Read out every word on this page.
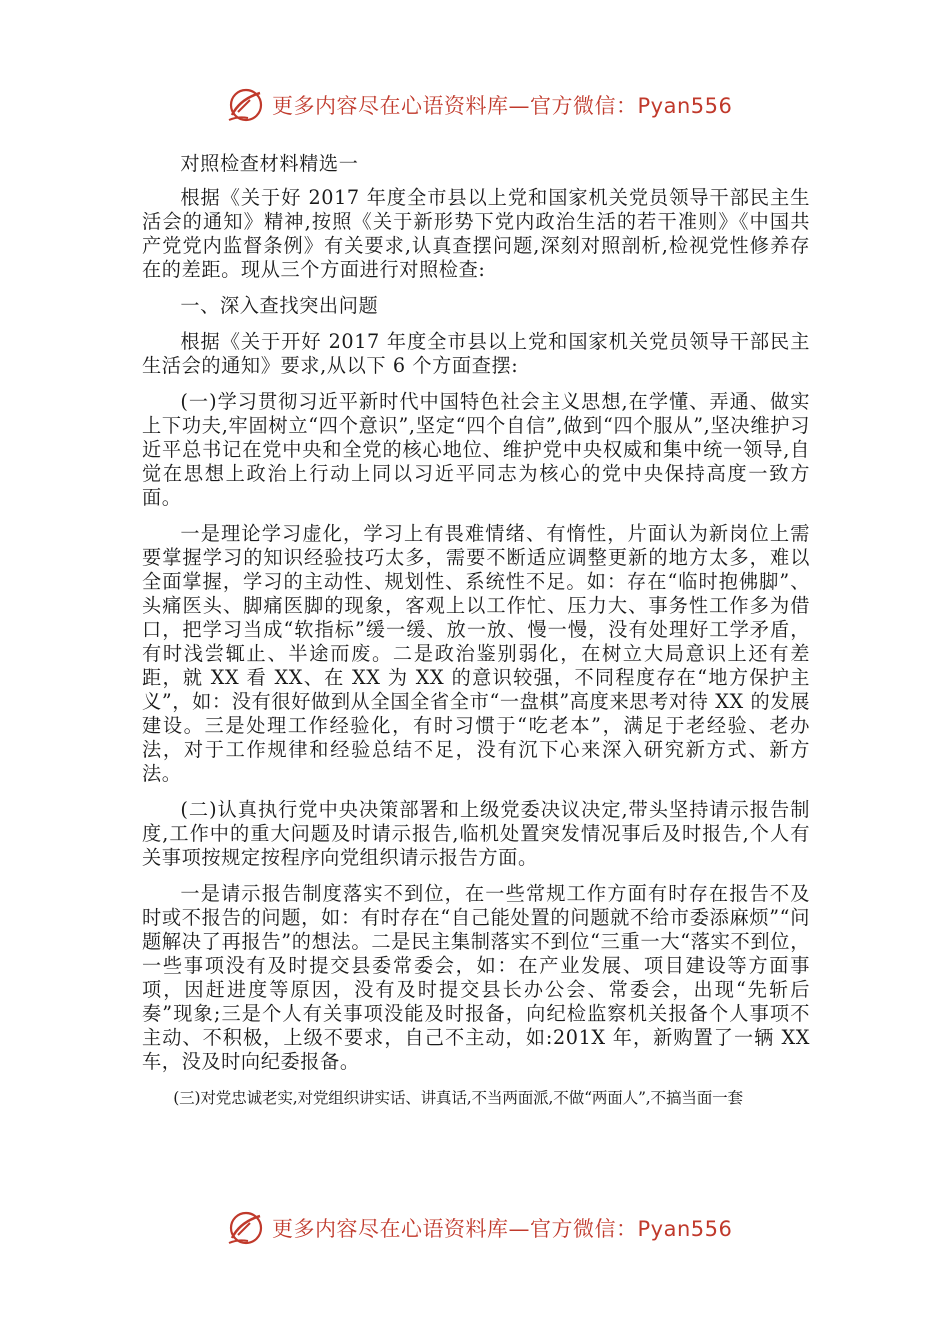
更多内容尽在心语资料库—官方微信：Pyan556

对照检查材料精选一

根据《关于好 2017 年度全市县以上党和国家机关党员领导干部民主生活会的通知》精神,按照《关于新形势下党内政治生活的若干准则》《中国共产党党内监督条例》有关要求,认真查摆问题,深刻对照剖析,检视党性修养存在的差距。现从三个方面进行对照检查:

一、深入查找突出问题

根据《关于开好 2017 年度全市县以上党和国家机关党员领导干部民主生活会的通知》要求,从以下 6 个方面查摆:

(一)学习贯彻习近平新时代中国特色社会主义思想,在学懂、弄通、做实上下功夫,牢固树立“四个意识”,坚定“四个自信”,做到“四个服从”,坚决维护习近平总书记在党中央和全党的核心地位、维护党中央权威和集中统一领导,自觉在思想上政治上行动上同以习近平同志为核心的党中央保持高度一致方面。

一是理论学习虚化，学习上有畏难情绪、有惰性，片面认为新岗位上需要掌握学习的知识经验技巧太多，需要不断适应调整更新的地方太多，难以全面掌握，学习的主动性、规划性、系统性不足。如：存在“临时抱佛脚”、头痛医头、脚痛医脚的现象，客观上以工作忙、压力大、事务性工作多为借口，把学习当成“软指标”缓一缓、放一放、慢一慢，没有处理好工学矛盾，有时浅尝辄止、半途而废。二是政治鉴别弱化，在树立大局意识上还有差距，就 XX 看 XX、在 XX 为 XX 的意识较强，不同程度存在“地方保护主义”，如：没有很好做到从全国全省全市“一盘棋”高度来思考对待 XX 的发展建设。三是处理工作经验化，有时习惯于“吃老本”，满足于老经验、老办法，对于工作规律和经验总结不足，没有沉下心来深入研究新方式、新方法。

(二)认真执行党中央决策部署和上级党委决议决定,带头坚持请示报告制度,工作中的重大问题及时请示报告,临机处置突发情况事后及时报告,个人有关事项按规定按程序向党组织请示报告方面。

一是请示报告制度落实不到位，在一些常规工作方面有时存在报告不及时或不报告的问题，如：有时存在“自己能处置的问题就不给市委添麻烦”“问题解决了再报告”的想法。二是民主集制落实不到位“三重一大“落实不到位，一些事项没有及时提交县委常委会，如：在产业发展、项目建设等方面事项，因赶进度等原因，没有及时提交县长办公会、常委会，出现“先斩后奏”现象;三是个人有关事项没能及时报备，向纪检监察机关报备个人事项不主动、不积极，上级不要求，自己不主动，如:201X 年，新购置了一辆 XX 车，没及时向纪委报备。

(三)对党忠诚老实,对党组织讲实话、讲真话,不当两面派,不做“两面人”,不搞当面一套

更多内容尽在心语资料库—官方微信：Pyan556
